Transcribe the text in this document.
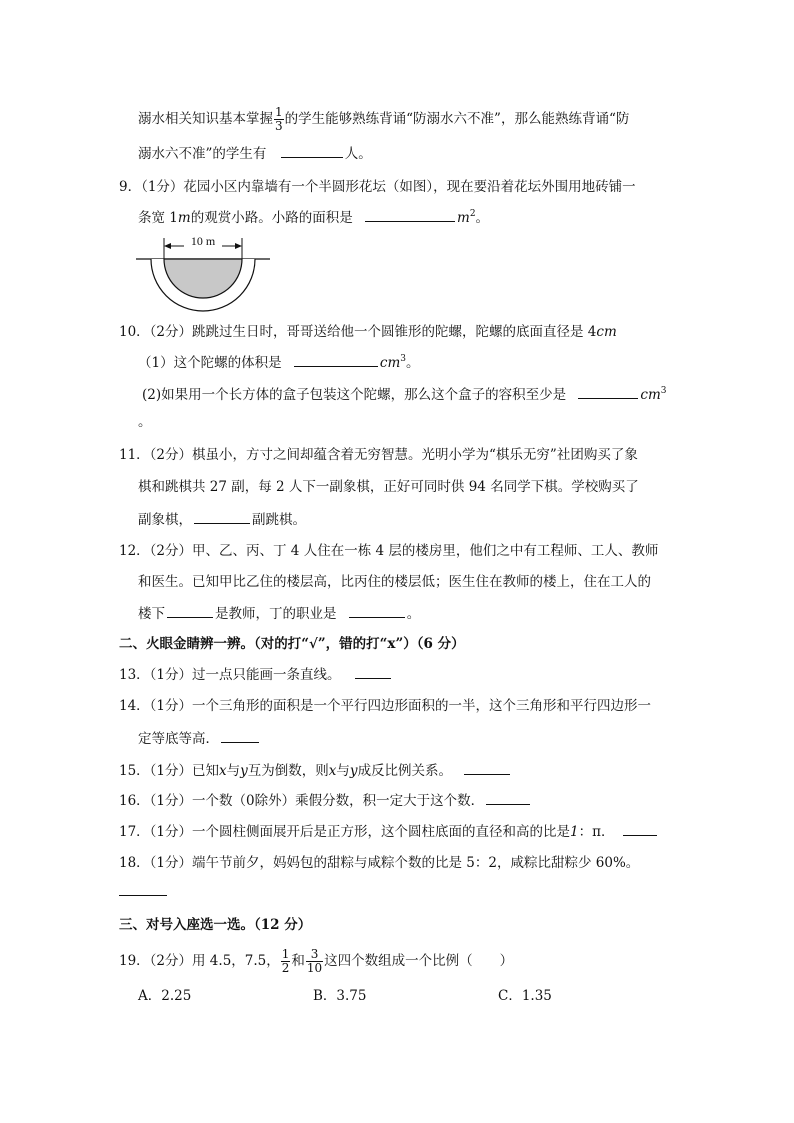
溺水相关知识基本掌握 $\frac{1}{3}$ 的学生能够熟练背诵“防溺水六不准”，那么能熟练背诵“防
溺水六不准”的学生有	人。
9．（1分）花园小区内靠墙有一个半圆形花坛（如图），现在要沿着花坛外围用地砖铺一
条宽 1m的观赏小路。小路的面积是	$m^2$。
10 m
10．（2分）跳跳过生日时，哥哥送给他一个圆锥形的陀螺，陀螺的底面直径是 4cm
（1）这个陀螺的体积是	$cm^3$。
(2)如果用一个长方体的盒子包装这个陀螺，那么这个盒子的容积至少是	$cm^3$
。
11．（2分）棋虽小，方寸之间却蕴含着无穷智慧。光明小学为“棋乐无穷”社团购买了象
棋和跳棋共 27 副，每 2 人下一副象棋，正好可同时供 94 名同学下棋。学校购买了
副象棋，	副跳棋。
12．（2分）甲、乙、丙、丁 4 人住在一栋 4 层的楼房里，他们之中有工程师、工人、教师
和医生。已知甲比乙住的楼层高，比丙住的楼层低；医生住在教师的楼上，住在工人的
楼下	是教师，丁的职业是	。
二、火眼金睛辨一辨。（对的打“√”，错的打“x”）（6 分）
13．（1分）过一点只能画一条直线。
14．（1分）一个三角形的面积是一个平行四边形面积的一半，这个三角形和平行四边形一
定等底等高．
15．（1分）已知x与y互为倒数，则x与y成反比例关系。
16．（1分）一个数（0除外）乘假分数，积一定大于这个数．
17．（1分）一个圆柱侧面展开后是正方形，这个圆柱底面的直径和高的比是1：π．
18．（1分）端午节前夕，妈妈包的甜粽与咸粽个数的比是 5：2，咸粽比甜粽少 60%。
三、对号入座选一选。（12 分）
19．（2分）用 4.5，7.5， $\frac{1}{2}$ 和 $\frac{3}{10}$ 这四个数组成一个比例（　　）
A．2.25	B．3.75	C．1.35
